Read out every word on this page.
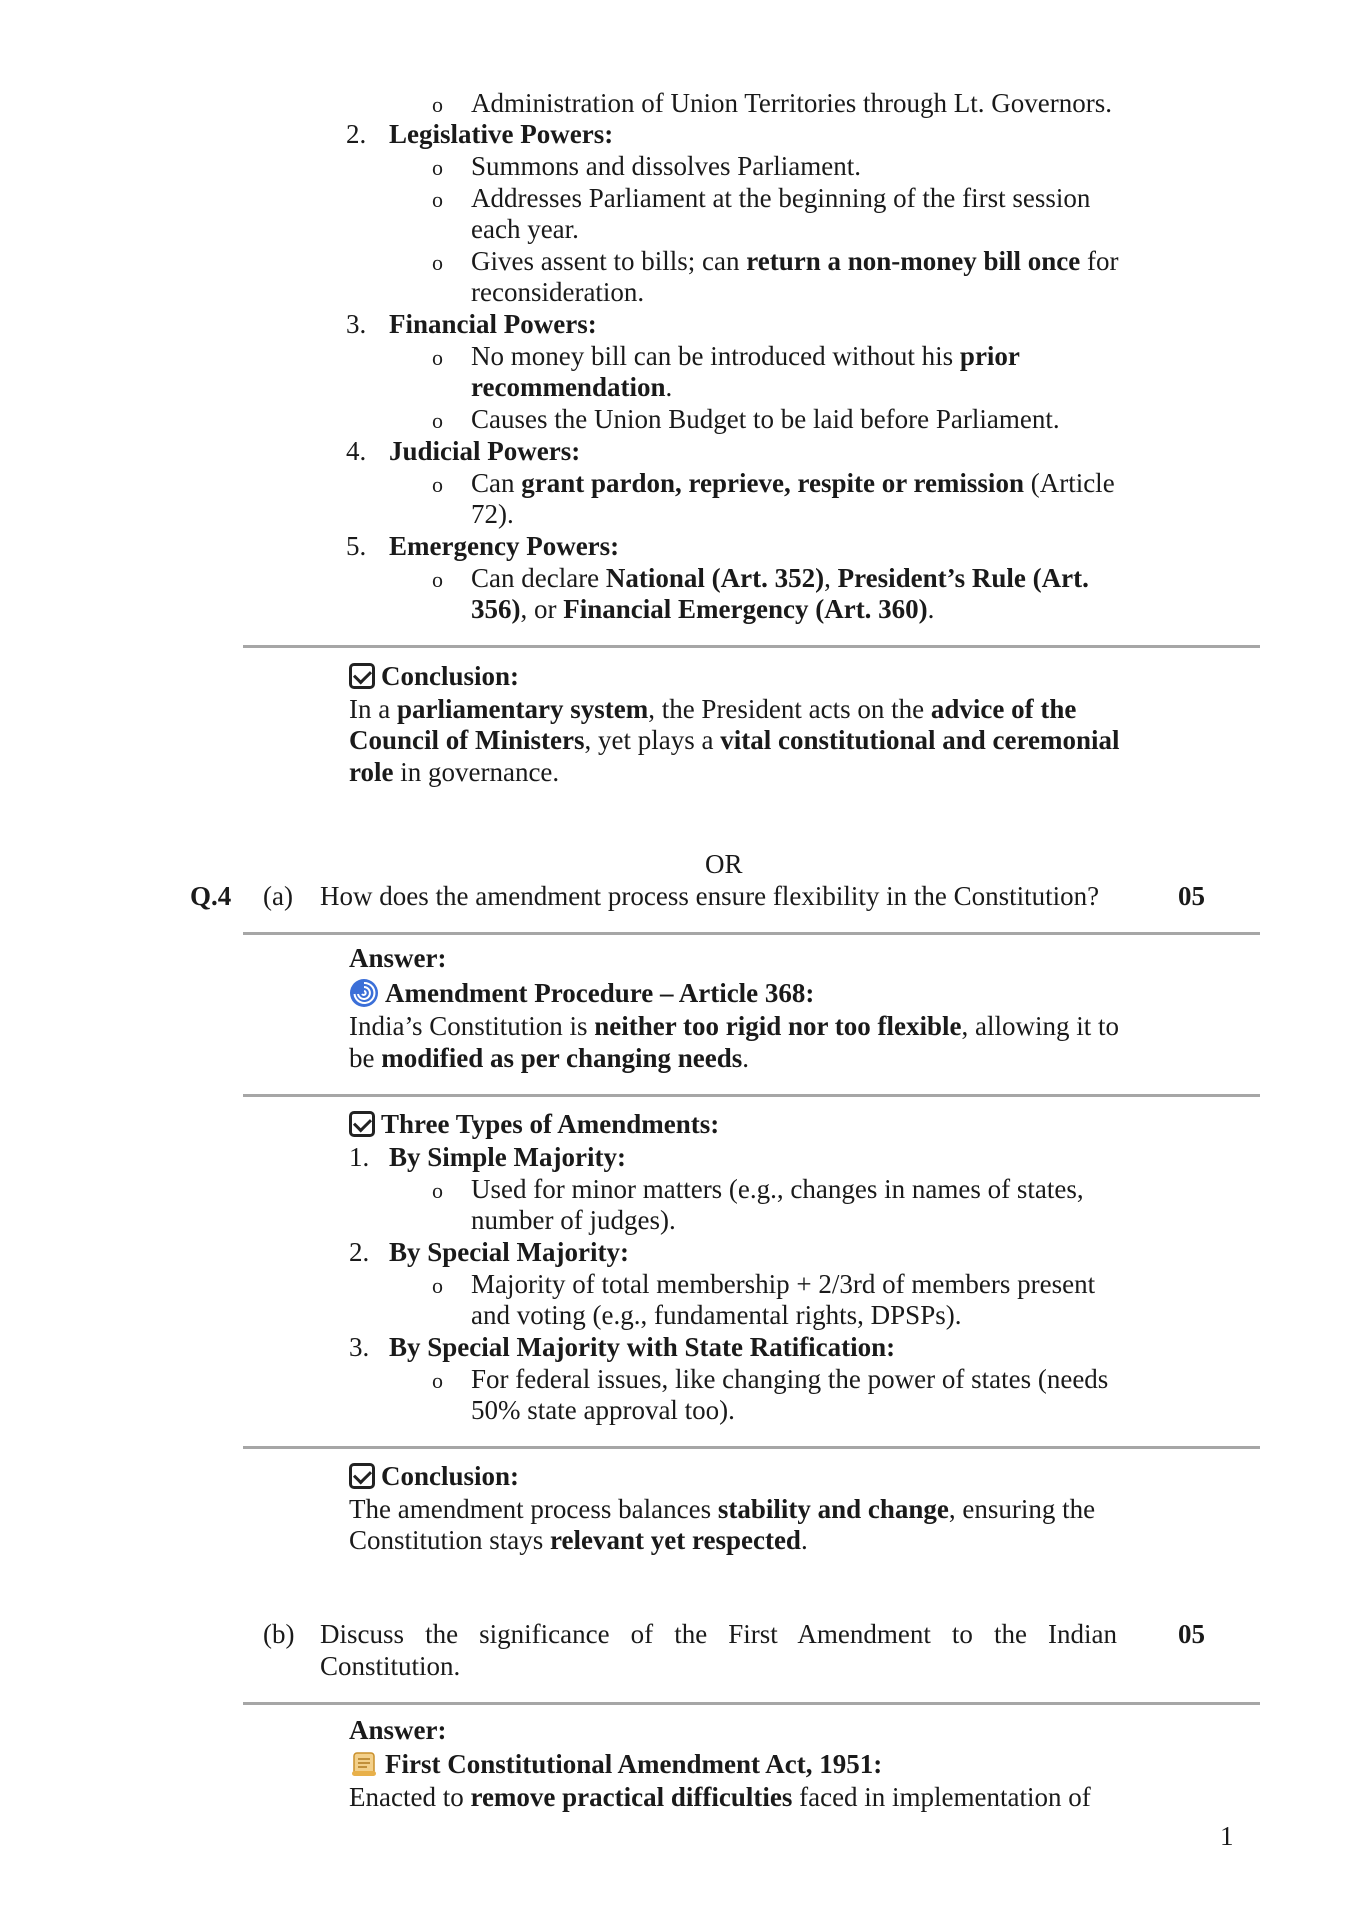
o Administration of Union Territories through Lt. Governors.
2. Legislative Powers:
o Summons and dissolves Parliament.
o Addresses Parliament at the beginning of the first session
each year.
o Gives assent to bills; can return a non-money bill once for
reconsideration.
3. Financial Powers:
o No money bill can be introduced without his prior
recommendation.
o Causes the Union Budget to be laid before Parliament.
4. Judicial Powers:
o Can grant pardon, reprieve, respite or remission (Article
72).
5. Emergency Powers:
o Can declare National (Art. 352), President’s Rule (Art.
356), or Financial Emergency (Art. 360).
Conclusion:
In a parliamentary system, the President acts on the advice of the
Council of Ministers, yet plays a vital constitutional and ceremonial
role in governance.
OR
Q.4 (a) How does the amendment process ensure flexibility in the Constitution?	05
Answer:
Amendment Procedure – Article 368:
India’s Constitution is neither too rigid nor too flexible, allowing it to
be modified as per changing needs.
Three Types of Amendments:
1. By Simple Majority:
o Used for minor matters (e.g., changes in names of states,
number of judges).
2. By Special Majority:
o Majority of total membership + 2/3rd of members present
and voting (e.g., fundamental rights, DPSPs).
3. By Special Majority with State Ratification:
o For federal issues, like changing the power of states (needs
50% state approval too).
Conclusion:
The amendment process balances stability and change, ensuring the
Constitution stays relevant yet respected.
(b) Discuss the significance of the First Amendment to the Indian
Constitution.
05
Answer:
First Constitutional Amendment Act, 1951:
Enacted to remove practical difficulties faced in implementation of
1
